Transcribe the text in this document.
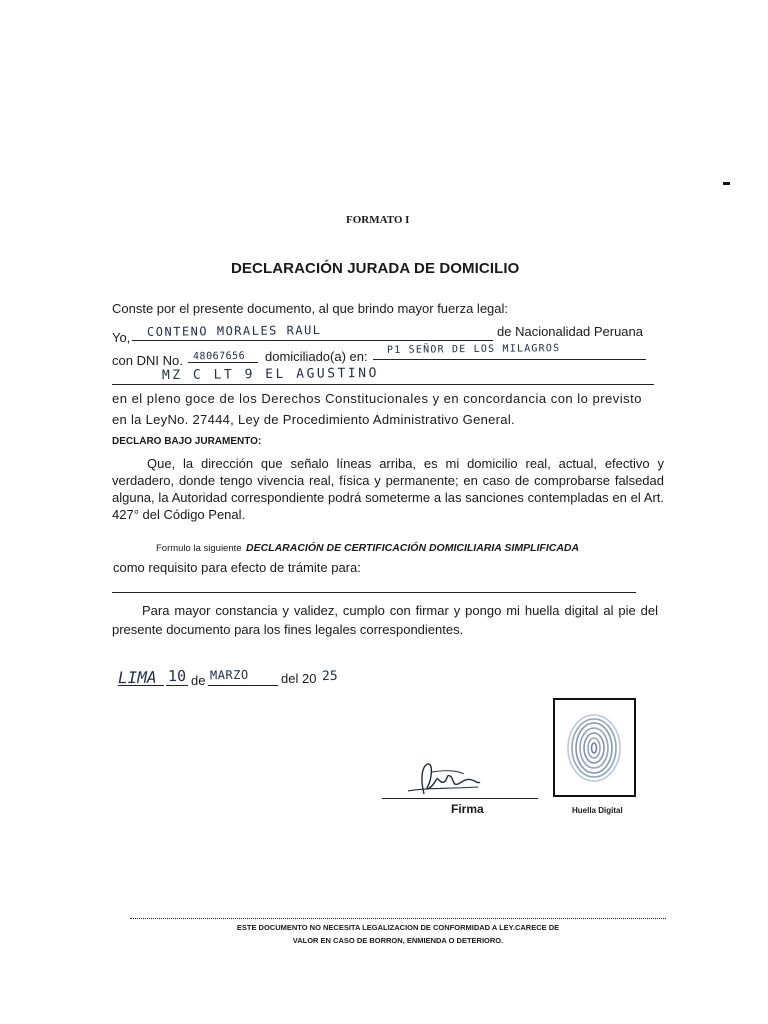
FORMATO I
DECLARACIÓN JURADA DE DOMICILIO
Conste por el presente documento, al que brindo mayor fuerza legal:
Yo, CONTENO MORALES RAUL	de Nacionalidad Peruana
con DNI No. 48067656 domiciliado(a) en: P1 SEÑOR DE LOS MILAGROS
MZ C LT 9 EL AGUSTINO
en el pleno goce de los Derechos Constitucionales y en concordancia con lo previsto
en la LeyNo. 27444, Ley de Procedimiento Administrativo General.
DECLARO BAJO JURAMENTO:
Que, la dirección que señalo líneas arriba, es mi domicilio real, actual, efectivo y verdadero, donde tengo vivencia real, física y permanente; en caso de comprobarse falsedad alguna, la Autoridad correspondiente podrá someterme a las sanciones contempladas en el Art. 427° del Código Penal.
Formulo la siguiente DECLARACIÓN DE CERTIFICACIÓN DOMICILIARIA SIMPLIFICADA
como requisito para efecto de trámite para:
Para mayor constancia y validez, cumplo con firmar y pongo mi huella digital al pie del presente documento para los fines legales correspondientes.
LIMA 10 de MARZO del 20 25
Firma	Huella Digital
ESTE DOCUMENTO NO NECESITA LEGALIZACION DE CONFORMIDAD A LEY.CARECE DE
VALOR EN CASO DE BORRON, ENMIENDA O DETERIORO.
